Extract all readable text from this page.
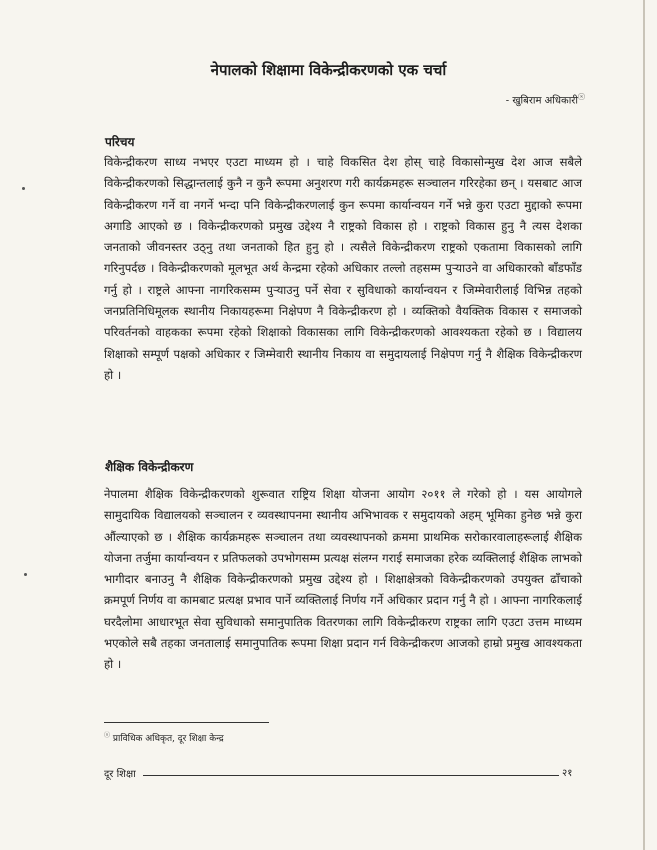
नेपालको शिक्षामा विकेन्द्रीकरणको एक चर्चा
- खुबिराम अधिकारीⓢ
परिचय

विकेन्द्रीकरण साध्य नभएर एउटा माध्यम हो । चाहे विकसित देश होस् चाहे विकासोन्मुख देश आज सबैले विकेन्द्रीकरणको सिद्धान्तलाई कुनै न कुनै रूपमा अनुशरण गरी कार्यक्रमहरू सञ्चालन गरिरहेका छन् । यसबाट आज विकेन्द्रीकरण गर्ने वा नगर्ने भन्दा पनि विकेन्द्रीकरणलाई कुन रूपमा कार्यान्वयन गर्ने भन्ने कुरा एउटा मुद्दाको रूपमा अगाडि आएको छ । विकेन्द्रीकरणको प्रमुख उद्देश्य नै राष्ट्रको विकास हो । राष्ट्रको विकास हुनु नै त्यस देशका जनताको जीवनस्तर उठ्नु तथा जनताको हित हुनु हो । त्यसैले विकेन्द्रीकरण राष्ट्रको एकतामा विकासको लागि गरिनुपर्दछ । विकेन्द्रीकरणको मूलभूत अर्थ केन्द्रमा रहेको अधिकार तल्लो तहसम्म पुऱ्याउने वा अधिकारको बाँडफाँड गर्नु हो । राष्ट्रले आफ्ना नागरिकसम्म पुऱ्याउनु पर्ने सेवा र सुविधाको कार्यान्वयन र जिम्मेवारीलाई विभिन्न तहको जनप्रतिनिधिमूलक स्थानीय निकायहरूमा निक्षेपण नै विकेन्द्रीकरण हो । व्यक्तिको वैयक्तिक विकास र समाजको परिवर्तनको वाहकका रूपमा रहेको शिक्षाको विकासका लागि विकेन्द्रीकरणको आवश्यकता रहेको छ । विद्यालय शिक्षाको सम्पूर्ण पक्षको अधिकार र जिम्मेवारी स्थानीय निकाय वा समुदायलाई निक्षेपण गर्नु नै शैक्षिक विकेन्द्रीकरण हो ।

शैक्षिक विकेन्द्रीकरण

नेपालमा शैक्षिक विकेन्द्रीकरणको शुरूवात राष्ट्रिय शिक्षा योजना आयोग २०११ ले गरेको हो । यस आयोगले सामुदायिक विद्यालयको सञ्चालन र व्यवस्थापनमा स्थानीय अभिभावक र समुदायको अहम् भूमिका हुनेछ भन्ने कुरा औंल्याएको छ । शैक्षिक कार्यक्रमहरू सञ्चालन तथा व्यवस्थापनको क्रममा प्राथमिक सरोकारवालाहरूलाई शैक्षिक योजना तर्जुमा कार्यान्वयन र प्रतिफलको उपभोगसम्म प्रत्यक्ष संलग्न गराई समाजका हरेक व्यक्तिलाई शैक्षिक लाभको भागीदार बनाउनु नै शैक्षिक विकेन्द्रीकरणको प्रमुख उद्देश्य हो । शिक्षाक्षेत्रको विकेन्द्रीकरणको उपयुक्त ढाँचाको क्रमपूर्ण निर्णय वा कामबाट प्रत्यक्ष प्रभाव पार्ने व्यक्तिलाई निर्णय गर्ने अधिकार प्रदान गर्नु नै हो । आफ्ना नागरिकलाई घरदैलोमा आधारभूत सेवा सुविधाको समानुपातिक वितरणका लागि विकेन्द्रीकरण राष्ट्रका लागि एउटा उत्तम माध्यम भएकोले सबै तहका जनतालाई समानुपातिक रूपमा शिक्षा प्रदान गर्न विकेन्द्रीकरण आजको हाम्रो प्रमुख आवश्यकता हो ।

ⓢ प्राविधिक अधिकृत, दूर शिक्षा केन्द्र
दूर शिक्षा	२१
